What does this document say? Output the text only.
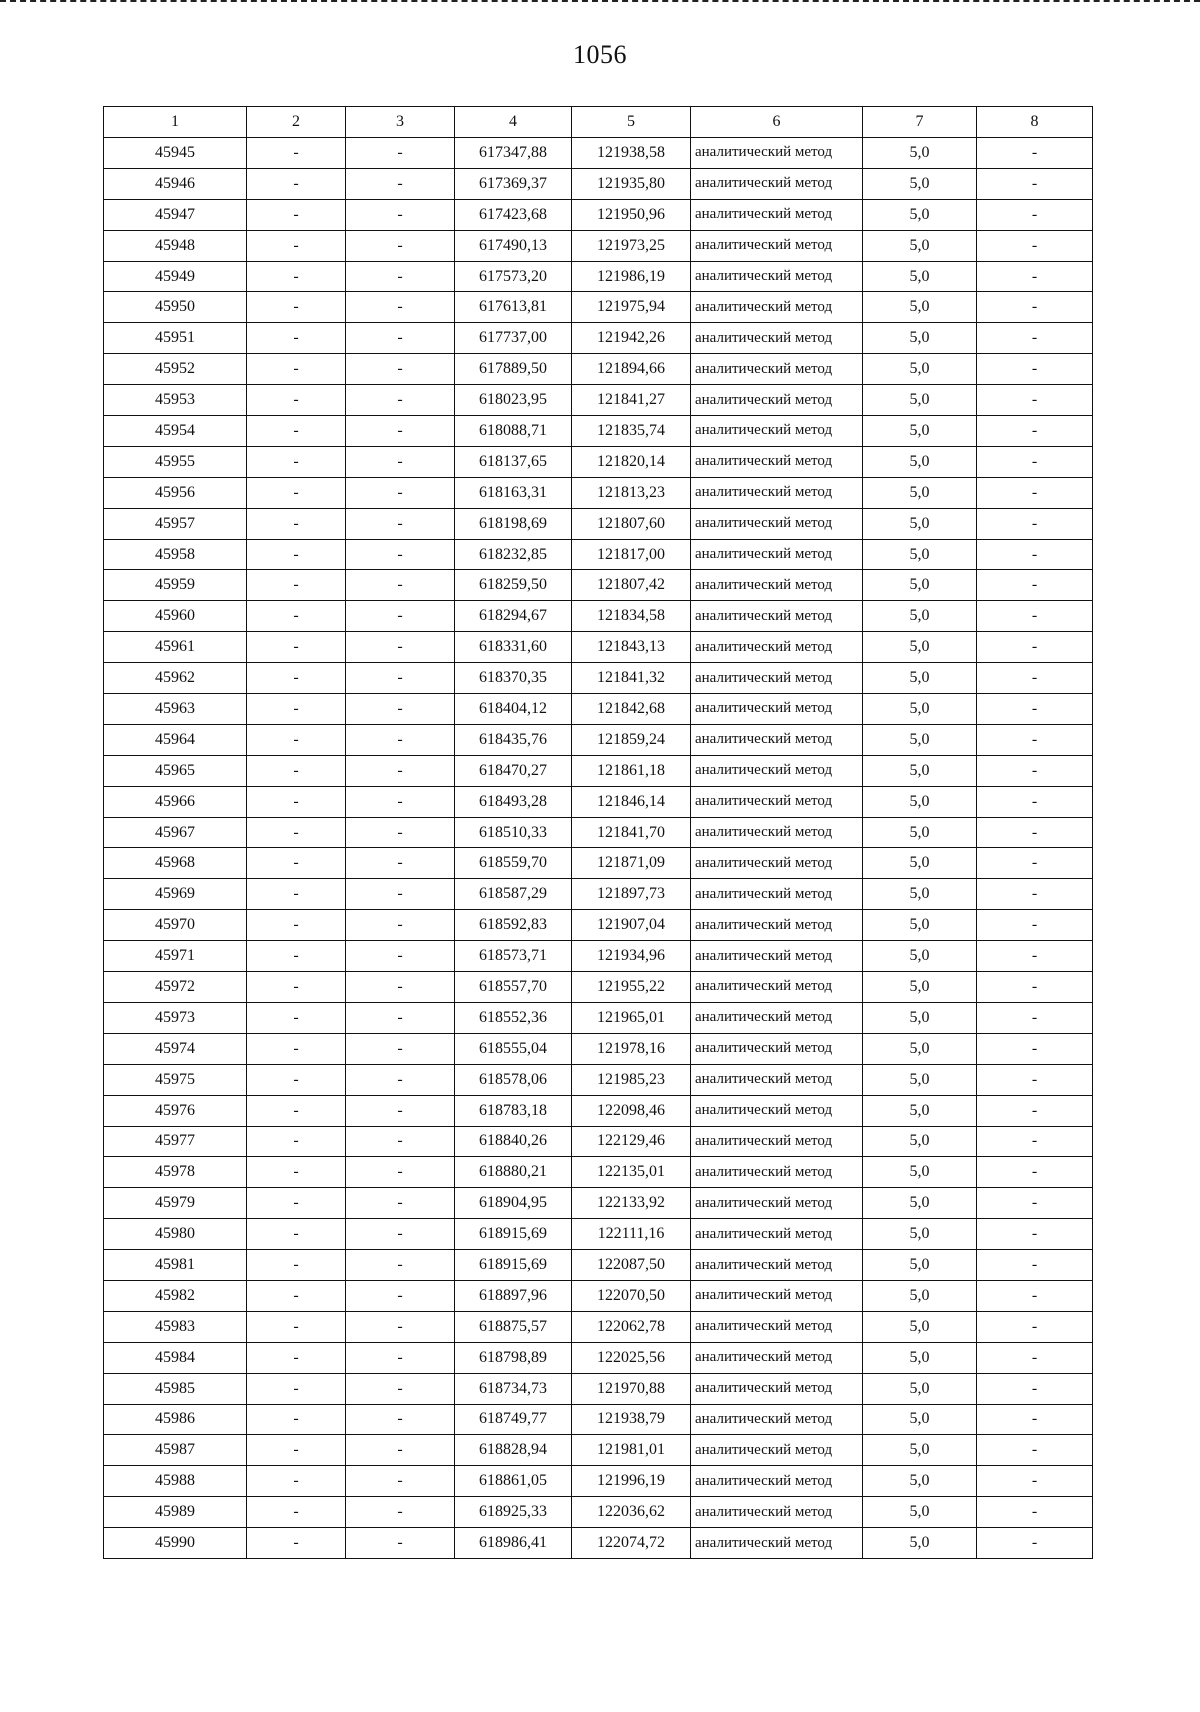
1056
1	2	3	4	5	6	7	8
45945	-	-	617347,88	121938,58	аналитический метод	5,0	-
45946	-	-	617369,37	121935,80	аналитический метод	5,0	-
45947	-	-	617423,68	121950,96	аналитический метод	5,0	-
45948	-	-	617490,13	121973,25	аналитический метод	5,0	-
45949	-	-	617573,20	121986,19	аналитический метод	5,0	-
45950	-	-	617613,81	121975,94	аналитический метод	5,0	-
45951	-	-	617737,00	121942,26	аналитический метод	5,0	-
45952	-	-	617889,50	121894,66	аналитический метод	5,0	-
45953	-	-	618023,95	121841,27	аналитический метод	5,0	-
45954	-	-	618088,71	121835,74	аналитический метод	5,0	-
45955	-	-	618137,65	121820,14	аналитический метод	5,0	-
45956	-	-	618163,31	121813,23	аналитический метод	5,0	-
45957	-	-	618198,69	121807,60	аналитический метод	5,0	-
45958	-	-	618232,85	121817,00	аналитический метод	5,0	-
45959	-	-	618259,50	121807,42	аналитический метод	5,0	-
45960	-	-	618294,67	121834,58	аналитический метод	5,0	-
45961	-	-	618331,60	121843,13	аналитический метод	5,0	-
45962	-	-	618370,35	121841,32	аналитический метод	5,0	-
45963	-	-	618404,12	121842,68	аналитический метод	5,0	-
45964	-	-	618435,76	121859,24	аналитический метод	5,0	-
45965	-	-	618470,27	121861,18	аналитический метод	5,0	-
45966	-	-	618493,28	121846,14	аналитический метод	5,0	-
45967	-	-	618510,33	121841,70	аналитический метод	5,0	-
45968	-	-	618559,70	121871,09	аналитический метод	5,0	-
45969	-	-	618587,29	121897,73	аналитический метод	5,0	-
45970	-	-	618592,83	121907,04	аналитический метод	5,0	-
45971	-	-	618573,71	121934,96	аналитический метод	5,0	-
45972	-	-	618557,70	121955,22	аналитический метод	5,0	-
45973	-	-	618552,36	121965,01	аналитический метод	5,0	-
45974	-	-	618555,04	121978,16	аналитический метод	5,0	-
45975	-	-	618578,06	121985,23	аналитический метод	5,0	-
45976	-	-	618783,18	122098,46	аналитический метод	5,0	-
45977	-	-	618840,26	122129,46	аналитический метод	5,0	-
45978	-	-	618880,21	122135,01	аналитический метод	5,0	-
45979	-	-	618904,95	122133,92	аналитический метод	5,0	-
45980	-	-	618915,69	122111,16	аналитический метод	5,0	-
45981	-	-	618915,69	122087,50	аналитический метод	5,0	-
45982	-	-	618897,96	122070,50	аналитический метод	5,0	-
45983	-	-	618875,57	122062,78	аналитический метод	5,0	-
45984	-	-	618798,89	122025,56	аналитический метод	5,0	-
45985	-	-	618734,73	121970,88	аналитический метод	5,0	-
45986	-	-	618749,77	121938,79	аналитический метод	5,0	-
45987	-	-	618828,94	121981,01	аналитический метод	5,0	-
45988	-	-	618861,05	121996,19	аналитический метод	5,0	-
45989	-	-	618925,33	122036,62	аналитический метод	5,0	-
45990	-	-	618986,41	122074,72	аналитический метод	5,0	-
